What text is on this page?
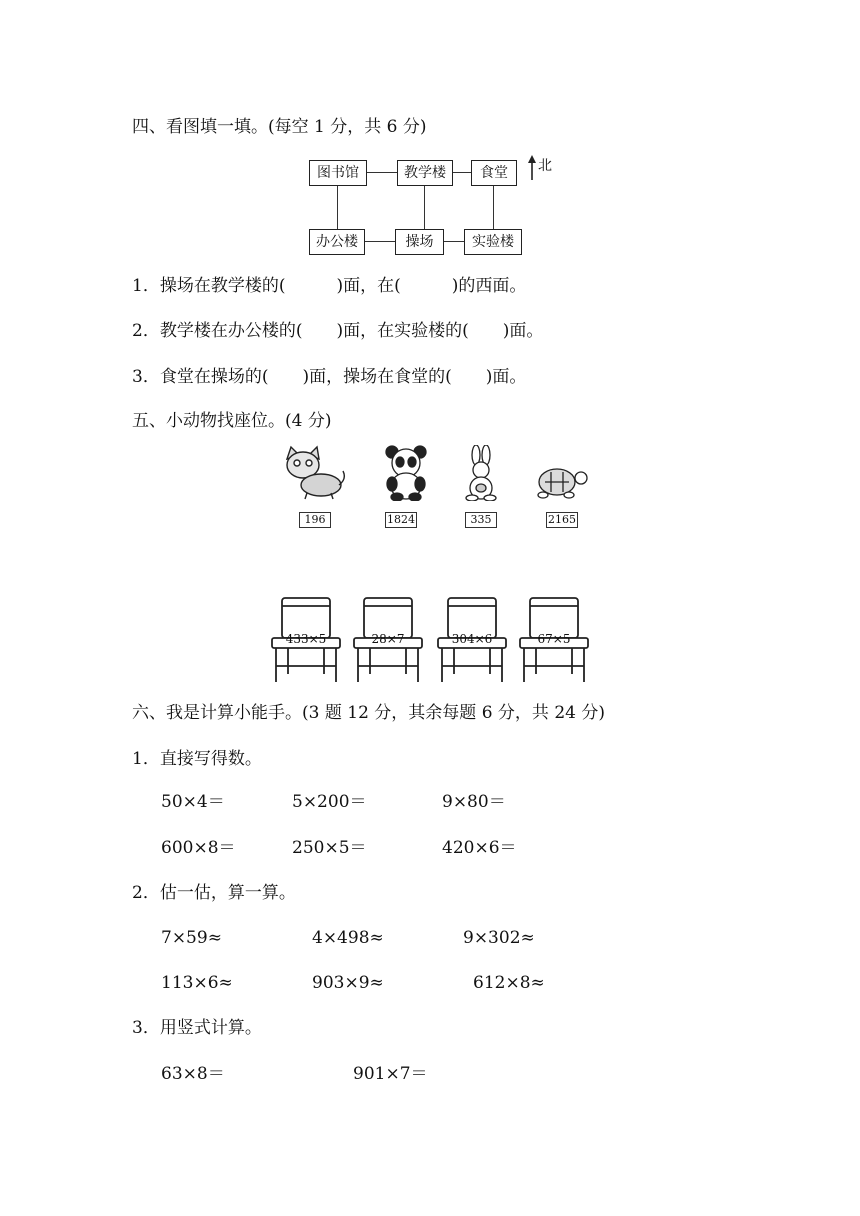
四、看图填一填。(每空 1 分，共 6 分)
图书馆	教学楼	食堂
办公楼	操场	实验楼
北
1．操场在教学楼的(　　　)面，在(　　　)的西面。
2．教学楼在办公楼的(　　)面，在实验楼的(　　)面。
3．食堂在操场的(　　)面，操场在食堂的(　　)面。
五、小动物找座位。(4 分)
196	1824	335	2165
433×5	28×7	304×6	67×5
六、我是计算小能手。(3 题 12 分，其余每题 6 分，共 24 分)
1．直接写得数。
50×4＝	5×200＝	9×80＝
600×8＝	250×5＝	420×6＝
2．估一估，算一算。
7×59≈	4×498≈	9×302≈
113×6≈	903×9≈	612×8≈
3．用竖式计算。
63×8＝	901×7＝
